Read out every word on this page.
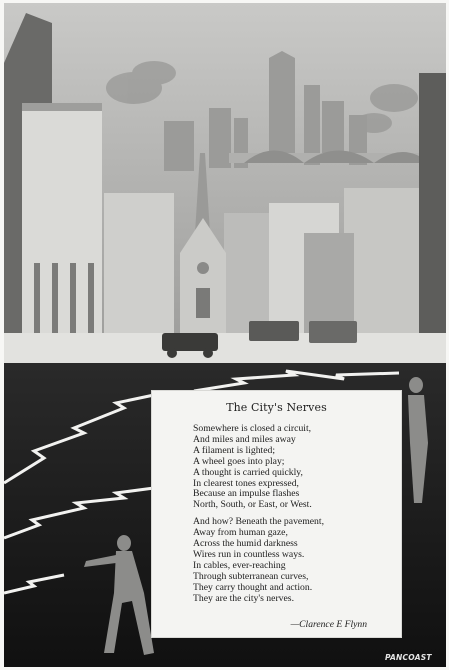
The City's Nerves
Somewhere is closed a circuit,
And miles and miles away
A filament is lighted;
A wheel goes into play;
A thought is carried quickly,
In clearest tones expressed,
Because an impulse flashes
North, South, or East, or West.
And how? Beneath the pavement,
Away from human gaze,
Across the humid darkness
Wires run in countless ways.
In cables, ever-reaching
Through subterranean curves,
They carry thought and action.
They are the city's nerves.
—Clarence E Flynn
PANCOAST
